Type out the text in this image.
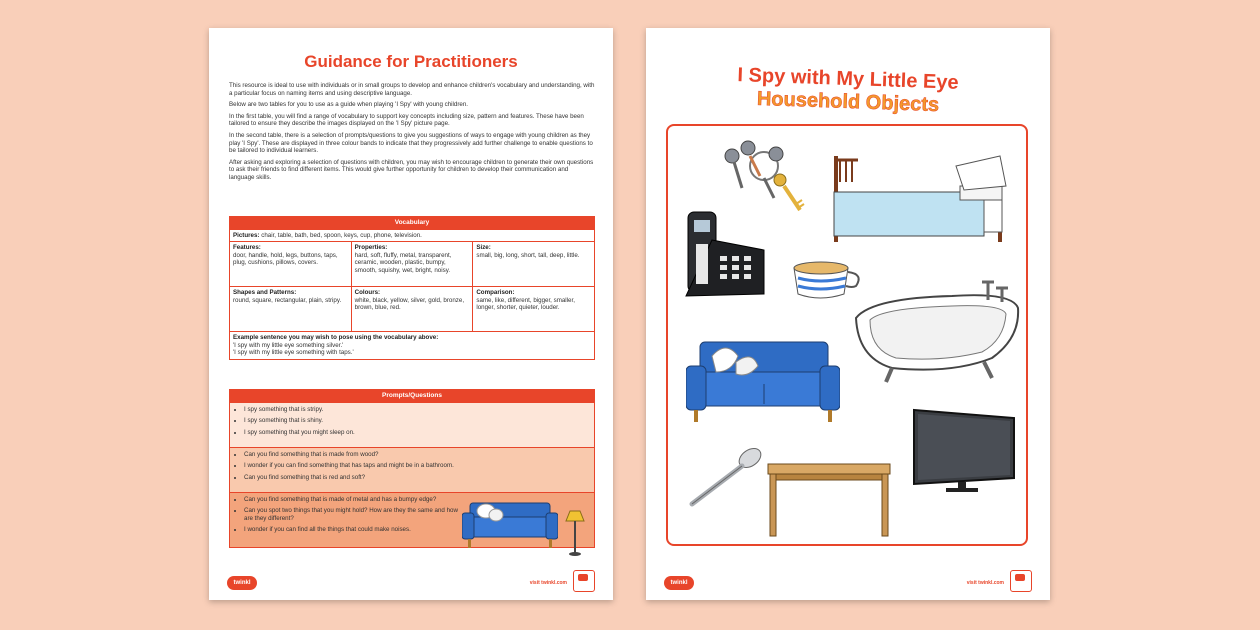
Guidance for Practitioners

This resource is ideal to use with individuals or in small groups to develop and enhance children's vocabulary and understanding, with a particular focus on naming items and using descriptive language.

Below are two tables for you to use as a guide when playing 'I Spy' with young children.

In the first table, you will find a range of vocabulary to support key concepts including size, pattern and features. These have been tailored to ensure they describe the images displayed on the 'I Spy' picture page.

In the second table, there is a selection of prompts/questions to give you suggestions of ways to engage with young children as they play 'I Spy'. These are displayed in three colour bands to indicate that they progressively add further challenge to enable questions to be tailored to individual learners.

After asking and exploring a selection of questions with children, you may wish to encourage children to generate their own questions to ask their friends to find different items. This would give further opportunity for children to develop their communication and language skills.

Vocabulary
Pictures: chair, table, bath, bed, spoon, keys, cup, phone, television.
Features:
door, handle, hold, legs, buttons, taps, plug, cushions, pillows, covers.
Properties:
hard, soft, fluffy, metal, transparent, ceramic, wooden, plastic, bumpy, smooth, squishy, wet, bright, noisy.
Size:
small, big, long, short, tall, deep, little.
Shapes and Patterns:
round, square, rectangular, plain, stripy.
Colours:
white, black, yellow, silver, gold, bronze, brown, blue, red.
Comparison:
same, like, different, bigger, smaller, longer, shorter, quieter, louder.
Example sentence you may wish to pose using the vocabulary above:
'I spy with my little eye something silver.'
'I spy with my little eye something with taps.'
Prompts/Questions
• I spy something that is stripy.
• I spy something that is shiny.
• I spy something that you might sleep on.
• Can you find something that is made from wood?
• I wonder if you can find something that has taps and might be in a bathroom.
• Can you find something that is red and soft?
• Can you find something that is made of metal and has a bumpy edge?
• Can you spot two things that you might hold? How are they the same and how are they different?
• I wonder if you can find all the things that could make noises.
twinkl	visit twinkl.com
I Spy with My Little Eye
Household Objects
twinkl	visit twinkl.com
